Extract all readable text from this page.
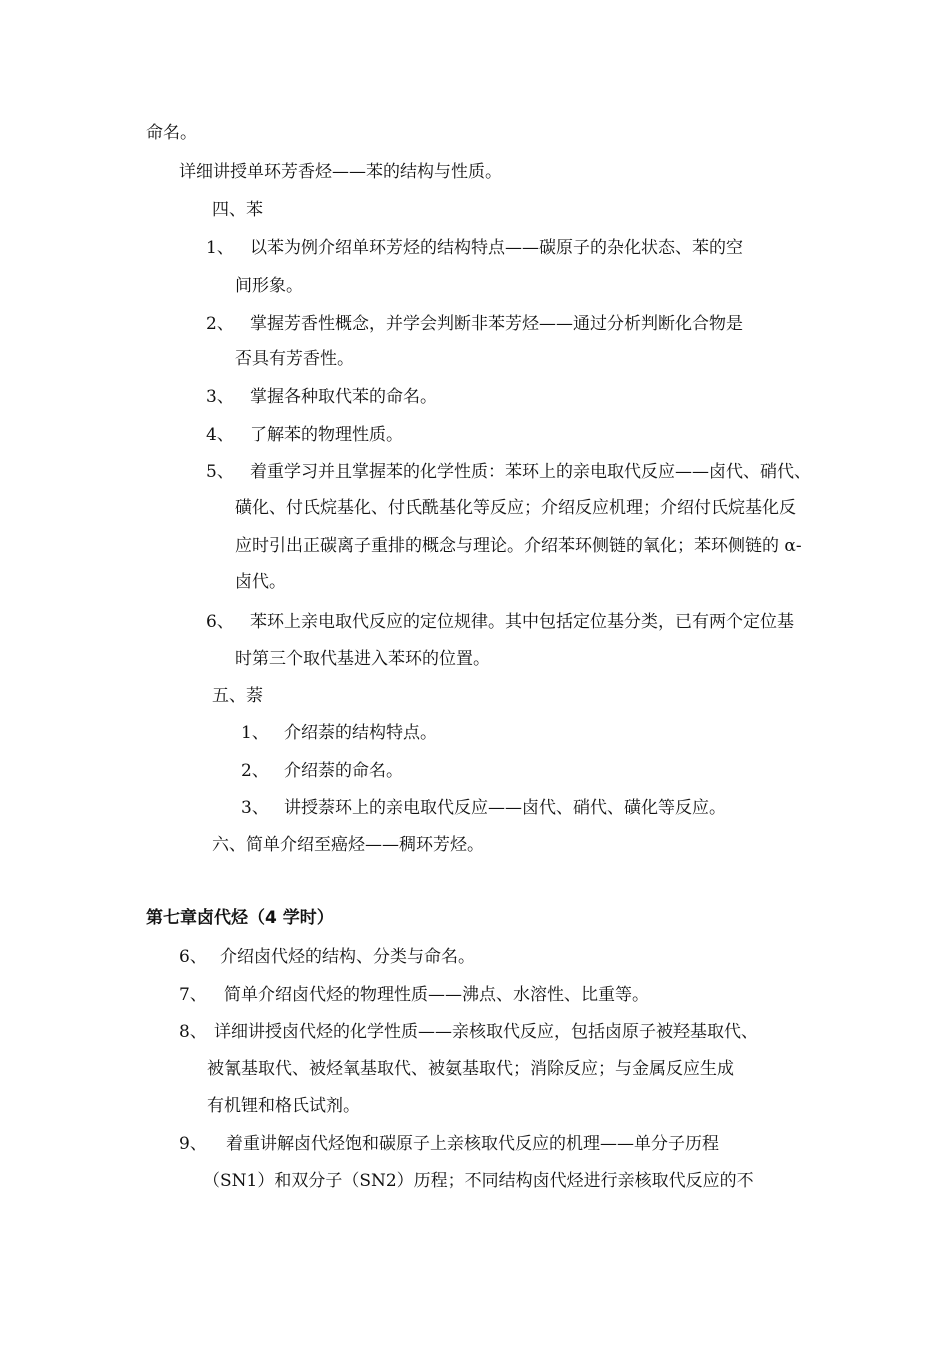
命名。
详细讲授单环芳香烃——苯的结构与性质。
四、苯
1、 以苯为例介绍单环芳烃的结构特点——碳原子的杂化状态、苯的空
间形象。
2、 掌握芳香性概念，并学会判断非苯芳烃——通过分析判断化合物是
否具有芳香性。
3、 掌握各种取代苯的命名。
4、 了解苯的物理性质。
5、 着重学习并且掌握苯的化学性质：苯环上的亲电取代反应——卤代、硝代、
磺化、付氏烷基化、付氏酰基化等反应；介绍反应机理；介绍付氏烷基化反
应时引出正碳离子重排的概念与理论。介绍苯环侧链的氧化；苯环侧链的 α-
卤代。
6、 苯环上亲电取代反应的定位规律。其中包括定位基分类，已有两个定位基
时第三个取代基进入苯环的位置。
五、萘
1、 介绍萘的结构特点。
2、 介绍萘的命名。
3、 讲授萘环上的亲电取代反应——卤代、硝代、磺化等反应。
六、简单介绍至癌烃——稠环芳烃。
第七章卤代烃（4 学时）
6、 介绍卤代烃的结构、分类与命名。
7、 简单介绍卤代烃的物理性质——沸点、水溶性、比重等。
8、 详细讲授卤代烃的化学性质——亲核取代反应，包括卤原子被羟基取代、
被氰基取代、被烃氧基取代、被氨基取代；消除反应；与金属反应生成
有机锂和格氏试剂。
9、 着重讲解卤代烃饱和碳原子上亲核取代反应的机理——单分子历程
（SN1）和双分子（SN2）历程；不同结构卤代烃进行亲核取代反应的不
